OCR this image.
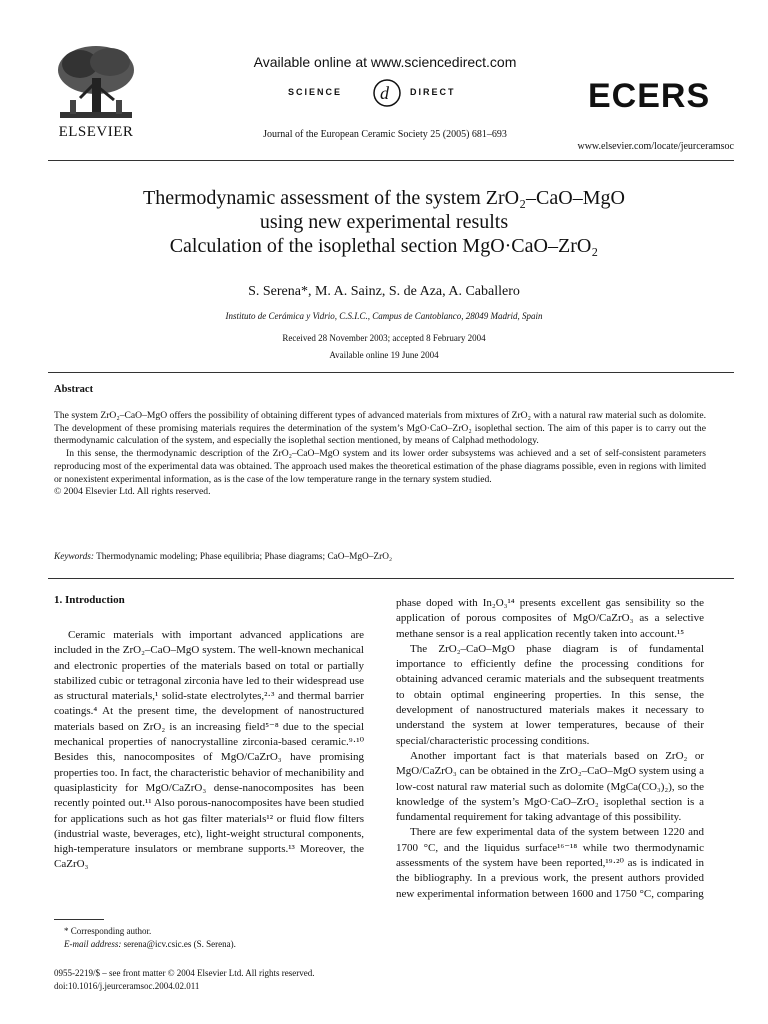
ELSEVIER
Available online at www.sciencedirect.com
SCIENCE d DIRECT
Journal of the European Ceramic Society 25 (2005) 681–693
ECERS
www.elsevier.com/locate/jeurceramsoc
Thermodynamic assessment of the system ZrO₂–CaO–MgO
using new experimental results
Calculation of the isoplethal section MgO·CaO–ZrO₂
S. Serena*, M. A. Sainz, S. de Aza, A. Caballero
Instituto de Cerámica y Vidrio, C.S.I.C., Campus de Cantoblanco, 28049 Madrid, Spain
Received 28 November 2003; accepted 8 February 2004
Available online 19 June 2004
Abstract

The system ZrO₂–CaO–MgO offers the possibility of obtaining different types of advanced materials from mixtures of ZrO₂ with a natural raw material such as dolomite. The development of these promising materials requires the determination of the system’s MgO·CaO–ZrO₂ isoplethal section. The aim of this paper is to carry out the thermodynamic calculation of the system, and especially the isoplethal section mentioned, by means of Calphad methodology.

In this sense, the thermodynamic description of the ZrO₂–CaO–MgO system and its lower order subsystems was achieved and a set of self-consistent parameters reproducing most of the experimental data was obtained. The approach used makes the theoretical estimation of the phase diagrams possible, even in regions with limited or nonexistent experimental information, as is the case of the low temperature range in the ternary system studied.

© 2004 Elsevier Ltd. All rights reserved.

Keywords: Thermodynamic modeling; Phase equilibria; Phase diagrams; CaO–MgO–ZrO₂
1. Introduction

Ceramic materials with important advanced applications are included in the ZrO₂–CaO–MgO system. The well-known mechanical and electronic properties of the materials based on total or partially stabilized cubic or tetragonal zirconia have led to their widespread use as structural materials,¹ solid-state electrolytes,²·³ and thermal barrier coatings.⁴ At the present time, the development of nanostructured materials based on ZrO₂ is an increasing field⁵⁻⁸ due to the special mechanical properties of nanocrystalline zirconia-based ceramic.⁹·¹⁰ Besides this, nanocomposites of MgO/CaZrO₃ have promising properties too. In fact, the characteristic behavior of mechanibility and quasiplasticity for MgO/CaZrO₃ dense-nanocomposites has been recently pointed out.¹¹ Also porous-nanocomposites have been studied for applications such as hot gas filter materials¹² or fluid flow filters (industrial waste, beverages, etc), light-weight structural components, high-temperature insulators or membrane supports.¹³ Moreover, the CaZrO₃

phase doped with In₂O₃¹⁴ presents excellent gas sensibility so the application of porous composites of MgO/CaZrO₃ as a selective methane sensor is a real application recently taken into account.¹⁵

The ZrO₂–CaO–MgO phase diagram is of fundamental importance to efficiently define the processing conditions for obtaining advanced ceramic materials and the subsequent treatments to obtain optimal engineering properties. In this sense, the development of nanostructured materials makes it necessary to understand the system at lower temperatures, because of their special/characteristic processing conditions.

Another important fact is that materials based on ZrO₂ or MgO/CaZrO₃ can be obtained in the ZrO₂–CaO–MgO system using a low-cost natural raw material such as dolomite (MgCa(CO₃)₂), so the knowledge of the system’s MgO·CaO–ZrO₂ isoplethal section is a fundamental requirement for taking advantage of this possibility.

There are few experimental data of the system between 1220 and 1700 °C, and the liquidus surface¹⁶⁻¹⁸ while two thermodynamic assessments of the system have been reported,¹⁹·²⁰ as is indicated in the bibliography. In a previous work, the present authors provided new experimental information between 1600 and 1750 °C, comparing

* Corresponding author.
E-mail address: serena@icv.csic.es (S. Serena).
0955-2219/$ – see front matter © 2004 Elsevier Ltd. All rights reserved.
doi:10.1016/j.jeurceramsoc.2004.02.011
